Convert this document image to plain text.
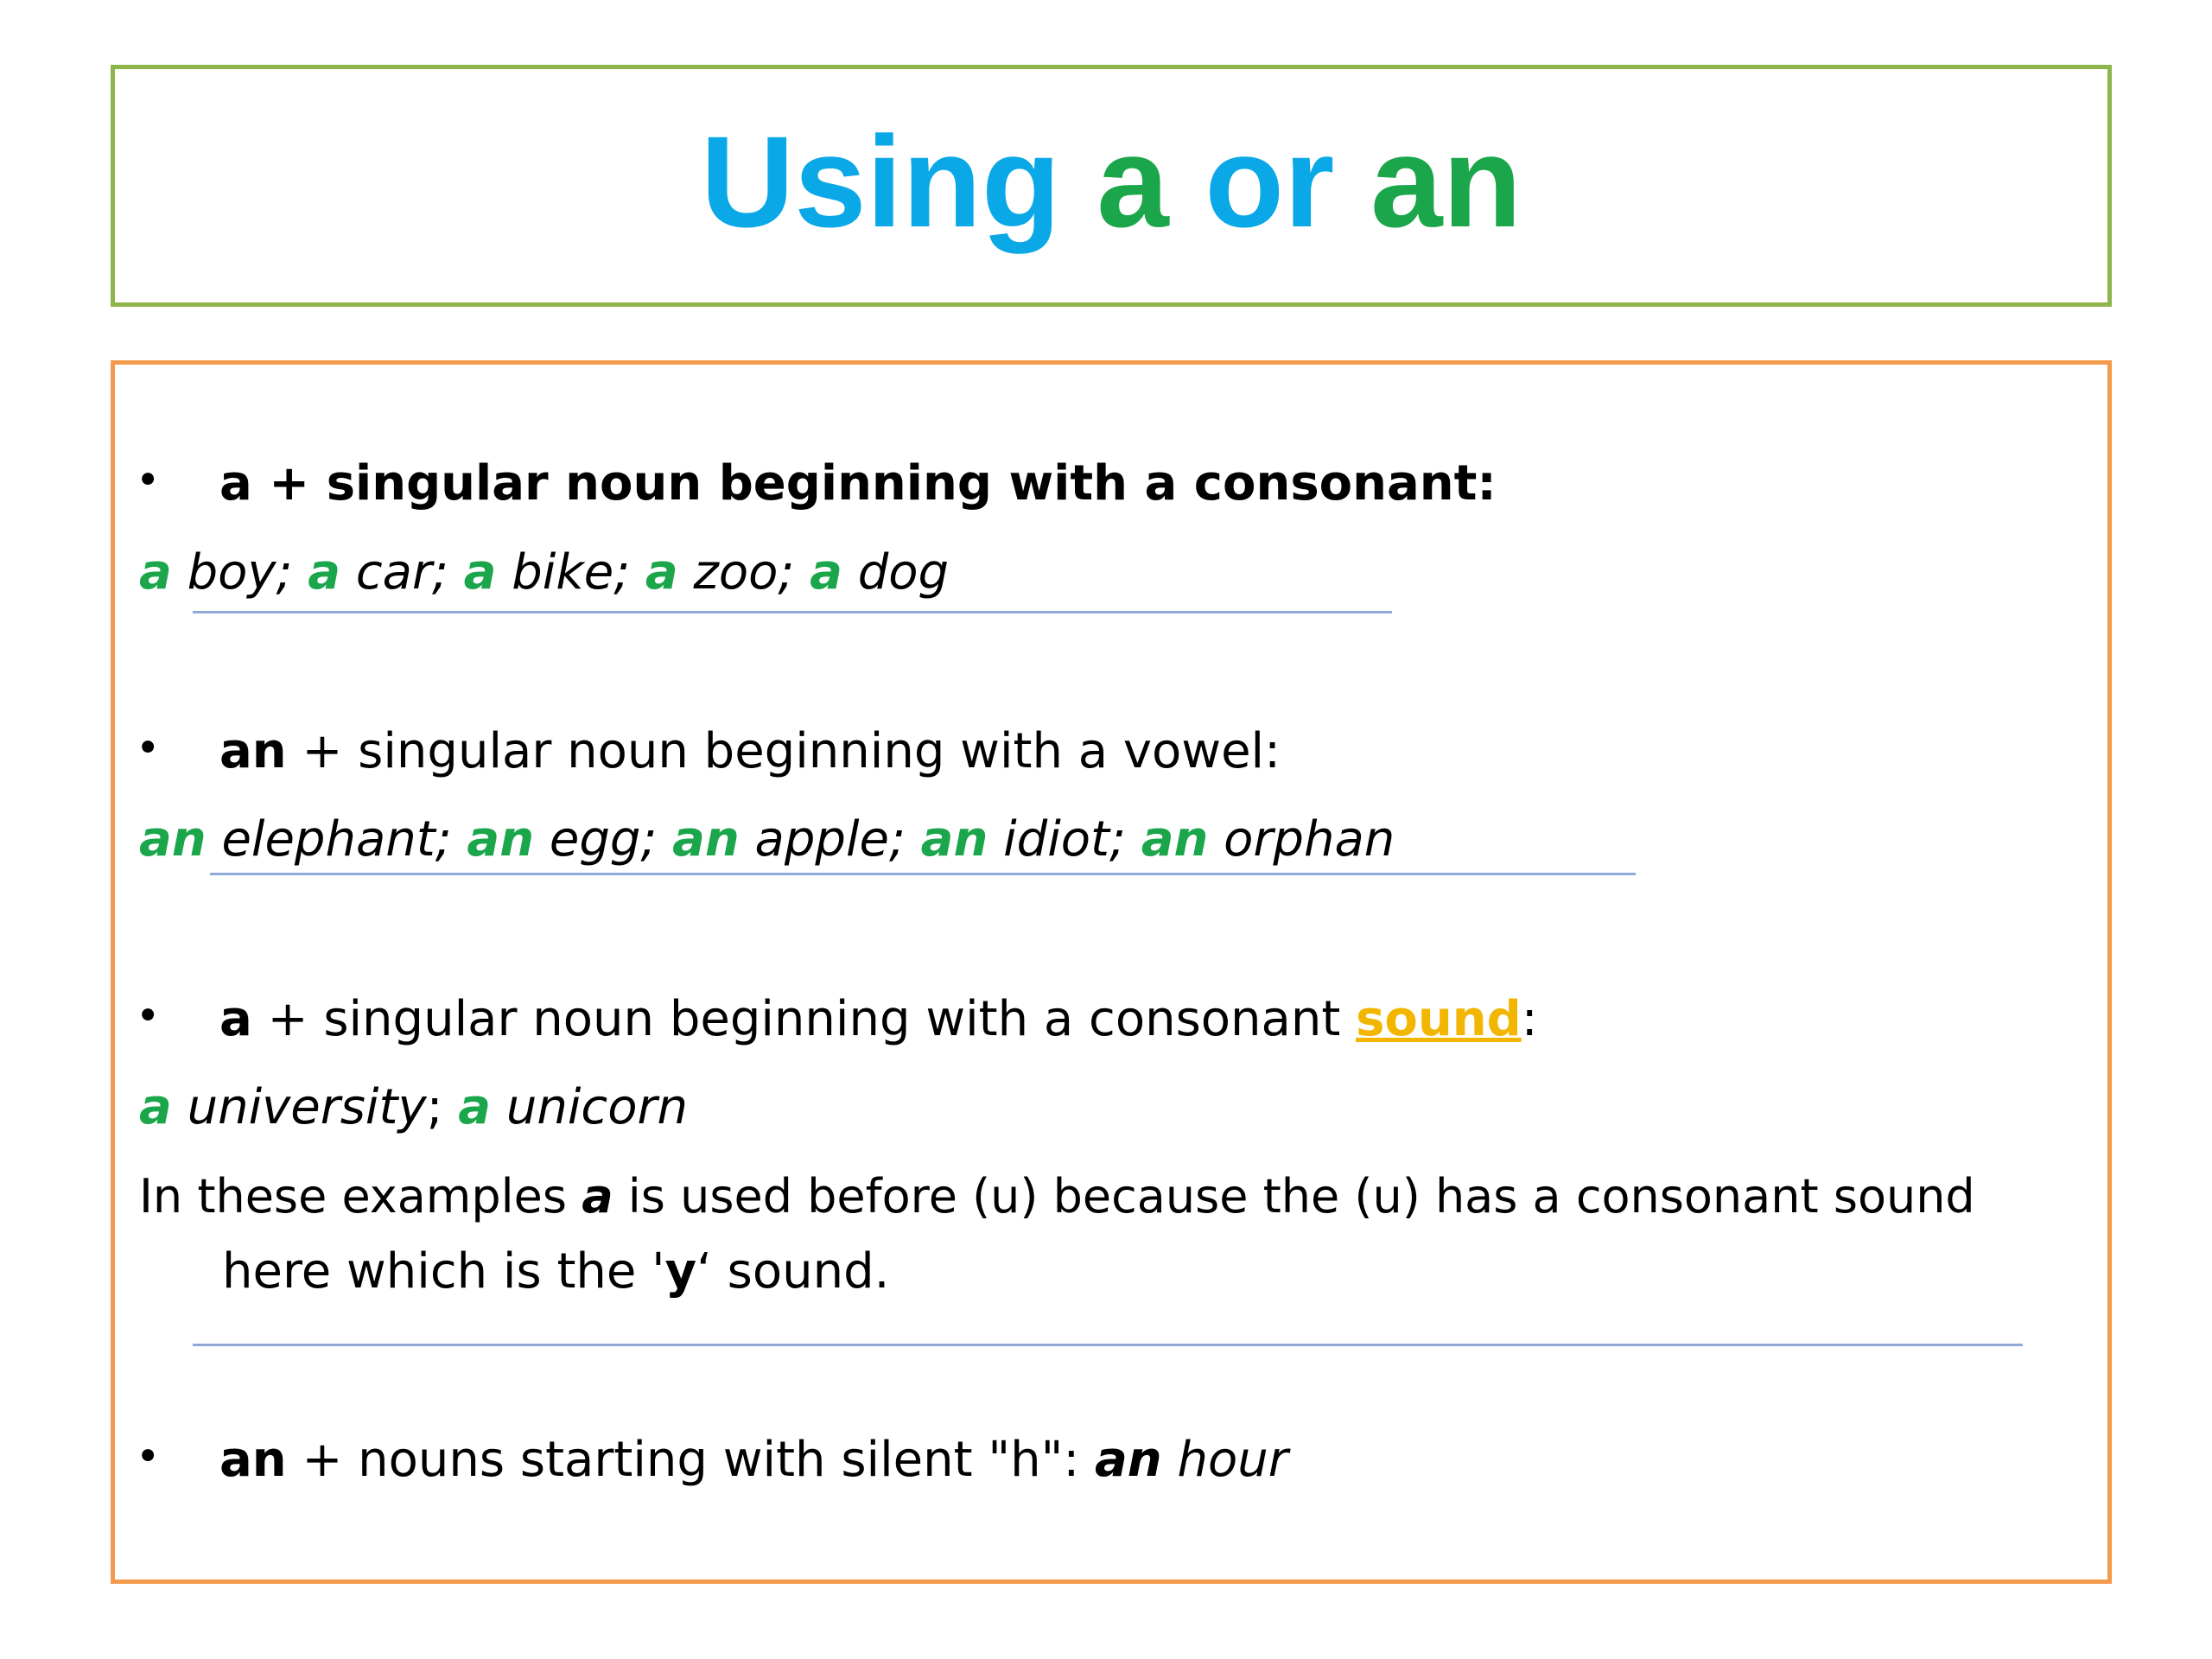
Using a or an
• a + singular noun beginning with a consonant:
a boy; a car; a bike; a zoo; a dog
• an + singular noun beginning with a vowel:
an elephant; an egg; an apple; an idiot; an orphan
• a + singular noun beginning with a consonant sound:
a university; a unicorn
In these examples a is used before (u) because the (u) has a consonant sound
here which is the 'y‘ sound.
• an + nouns starting with silent "h": an hour
